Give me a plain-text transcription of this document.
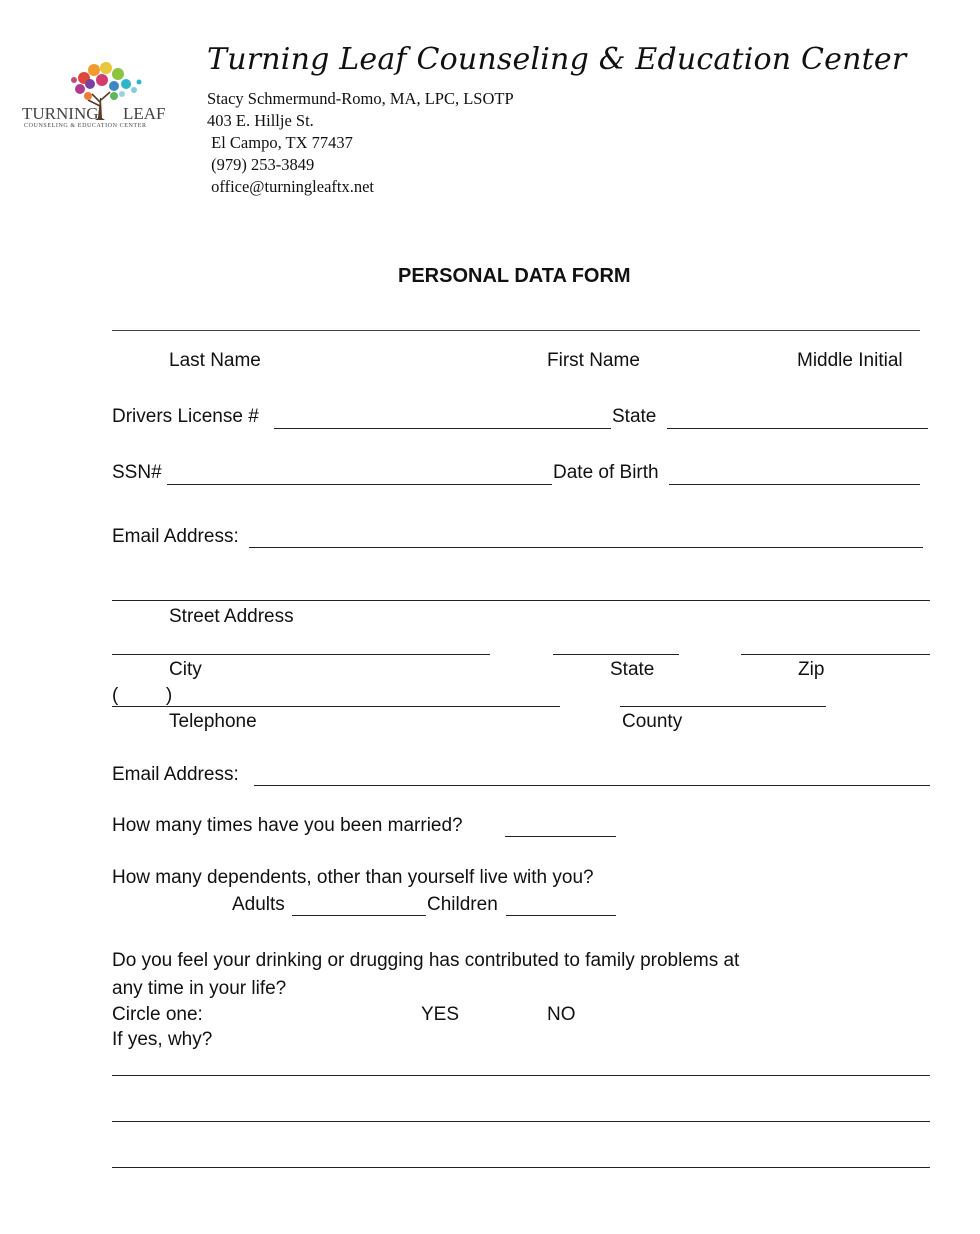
TURNING LEAF
COUNSELING & EDUCATION CENTER
Turning Leaf Counseling & Education Center
Stacy Schmermund-Romo, MA, LPC, LSOTP
403 E. Hillje St.
El Campo, TX 77437
(979) 253-3849
office@turningleaftx.net
PERSONAL DATA FORM
Last Name	First Name	Middle Initial
Drivers License #	State
SSN#	Date of Birth
Email Address:
Street Address
City	State	Zip
(         )
Telephone	County
Email Address:
How many times have you been married?
How many dependents, other than yourself live with you?
Adults	Children
Do you feel your drinking or drugging has contributed to family problems at
any time in your life?
Circle one:	YES	NO
If yes, why?
